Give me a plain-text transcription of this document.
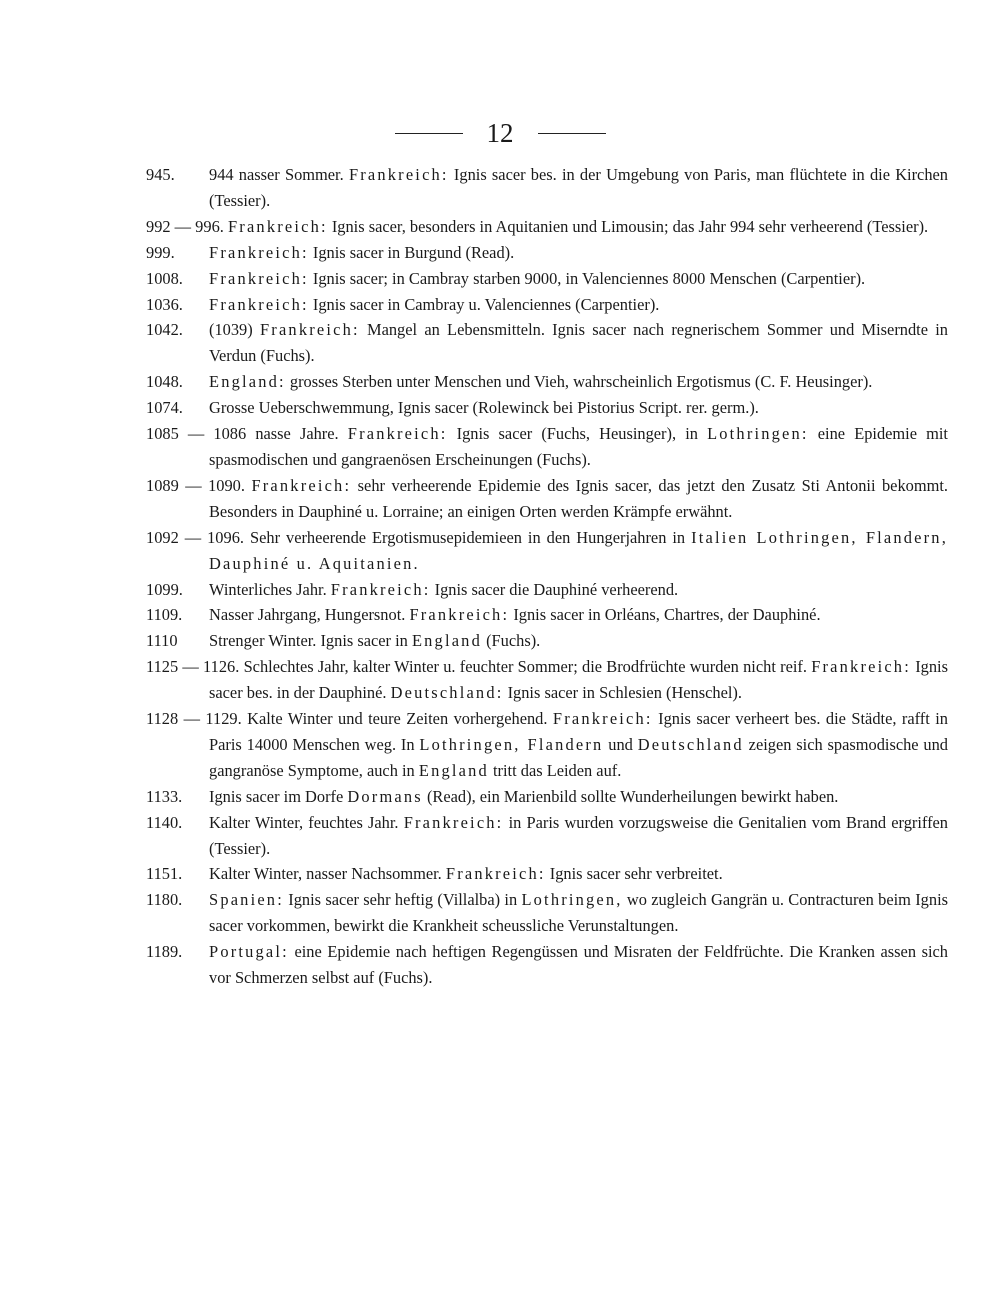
12
945. 944 nasser Sommer. Frankreich: Ignis sacer bes. in der Umgebung von Paris, man flüchtete in die Kirchen (Tessier).
992 — 996. Frankreich: Ignis sacer, besonders in Aquitanien und Limousin; das Jahr 994 sehr verheerend (Tessier).
999. Frankreich: Ignis sacer in Burgund (Read).
1008. Frankreich: Ignis sacer; in Cambray starben 9000, in Valenciennes 8000 Menschen (Carpentier).
1036. Frankreich: Ignis sacer in Cambray u. Valenciennes (Carpentier).
1042. (1039) Frankreich: Mangel an Lebensmitteln. Ignis sacer nach regnerischem Sommer und Miserndte in Verdun (Fuchs).
1048. England: grosses Sterben unter Menschen und Vieh, wahrscheinlich Ergotismus (C. F. Heusinger).
1074. Grosse Ueberschwemmung, Ignis sacer (Rolewinck bei Pistorius Script. rer. germ.).
1085 — 1086 nasse Jahre. Frankreich: Ignis sacer (Fuchs, Heusinger), in Lothringen: eine Epidemie mit spasmodischen und gangraenösen Erscheinungen (Fuchs).
1089 — 1090. Frankreich: sehr verheerende Epidemie des Ignis sacer, das jetzt den Zusatz Sti Antonii bekommt. Besonders in Dauphiné u. Lorraine; an einigen Orten werden Krämpfe erwähnt.
1092 — 1096. Sehr verheerende Ergotismusepidemieen in den Hungerjahren in Italien Lothringen, Flandern, Dauphiné u. Aquitanien.
1099. Winterliches Jahr. Frankreich: Ignis sacer die Dauphiné verheerend.
1109. Nasser Jahrgang, Hungersnot. Frankreich: Ignis sacer in Orléans, Chartres, der Dauphiné.
1110 Strenger Winter. Ignis sacer in England (Fuchs).
1125 — 1126. Schlechtes Jahr, kalter Winter u. feuchter Sommer; die Brodfrüchte wurden nicht reif. Frankreich: Ignis sacer bes. in der Dauphiné. Deutschland: Ignis sacer in Schlesien (Henschel).
1128 — 1129. Kalte Winter und teure Zeiten vorhergehend. Frankreich: Ignis sacer verheert bes. die Städte, rafft in Paris 14000 Menschen weg. In Lothringen, Flandern und Deutschland zeigen sich spasmodische und gangranöse Symptome, auch in England tritt das Leiden auf.
1133. Ignis sacer im Dorfe Dormans (Read), ein Marienbild sollte Wunderheilungen bewirkt haben.
1140. Kalter Winter, feuchtes Jahr. Frankreich: in Paris wurden vorzugsweise die Genitalien vom Brand ergriffen (Tessier).
1151. Kalter Winter, nasser Nachsommer. Frankreich: Ignis sacer sehr verbreitet.
1180. Spanien: Ignis sacer sehr heftig (Villalba) in Lothringen, wo zugleich Gangrän u. Contracturen beim Ignis sacer vorkommen, bewirkt die Krankheit scheussliche Verunstaltungen.
1189. Portugal: eine Epidemie nach heftigen Regengüssen und Misraten der Feldfrüchte. Die Kranken assen sich vor Schmerzen selbst auf (Fuchs).
